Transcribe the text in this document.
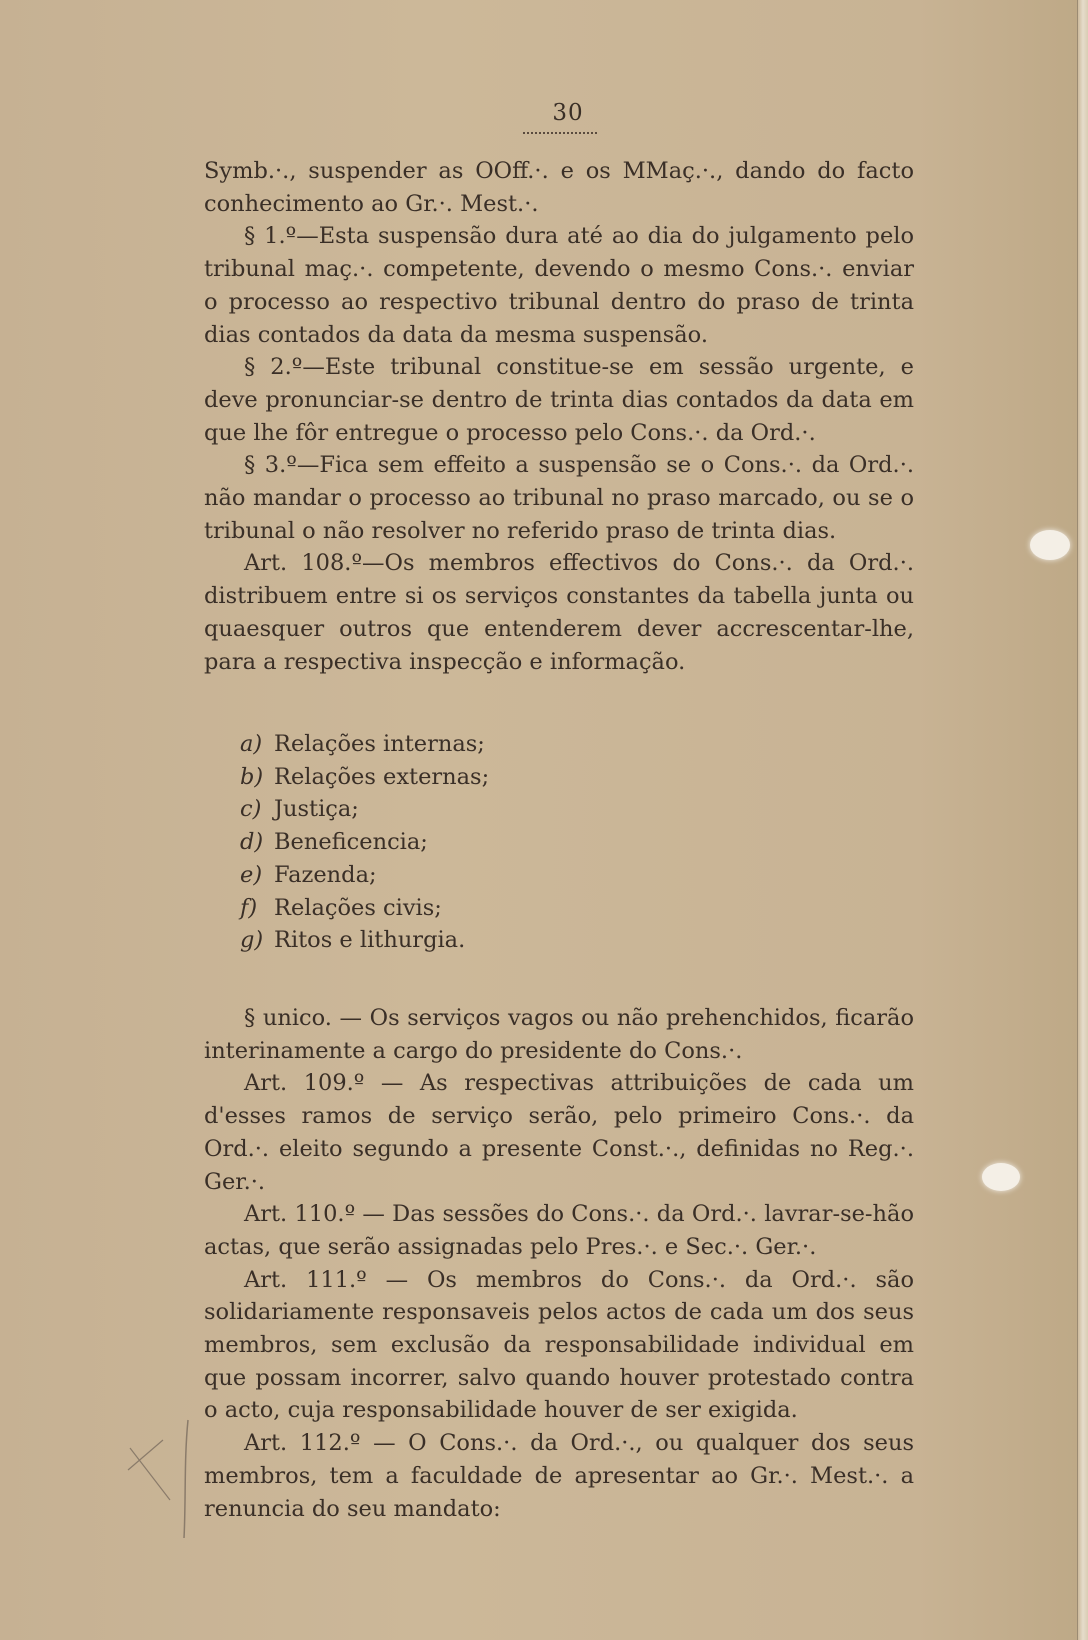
30

Symb.·., suspender as OOff.·. e os MMaç.·., dando do facto conhecimento ao Gr.·. Mest.·.

§ 1.º—Esta suspensão dura até ao dia do julgamento pelo tribunal maç.·. competente, devendo o mesmo Cons.·. enviar o processo ao respectivo tribunal dentro do praso de trinta dias contados da data da mesma suspensão.

§ 2.º—Este tribunal constitue-se em sessão urgente, e deve pronunciar-se dentro de trinta dias contados da data em que lhe fôr entregue o processo pelo Cons.·. da Ord.·.

§ 3.º—Fica sem effeito a suspensão se o Cons.·. da Ord.·. não mandar o processo ao tribunal no praso marcado, ou se o tribunal o não resolver no referido praso de trinta dias.

Art. 108.º—Os membros effectivos do Cons.·. da Ord.·. distribuem entre si os serviços constantes da tabella junta ou quaesquer outros que entenderem dever accrescentar-lhe, para a respectiva inspecção e informação.

a) Relações internas;
b) Relações externas;
c) Justiça;
d) Beneficencia;
e) Fazenda;
f) Relações civis;
g) Ritos e lithurgia.

§ unico. — Os serviços vagos ou não prehenchidos, ficarão interinamente a cargo do presidente do Cons.·.

Art. 109.º — As respectivas attribuições de cada um d'esses ramos de serviço serão, pelo primeiro Cons.·. da Ord.·. eleito segundo a presente Const.·., definidas no Reg.·. Ger.·.

Art. 110.º — Das sessões do Cons.·. da Ord.·. lavrar-se-hão actas, que serão assignadas pelo Pres.·. e Sec.·. Ger.·.

Art. 111.º — Os membros do Cons.·. da Ord.·. são solidariamente responsaveis pelos actos de cada um dos seus membros, sem exclusão da responsabilidade individual em que possam incorrer, salvo quando houver protestado contra o acto, cuja responsabilidade houver de ser exigida.

Art. 112.º — O Cons.·. da Ord.·., ou qualquer dos seus membros, tem a faculdade de apresentar ao Gr.·. Mest.·. a renuncia do seu mandato:
